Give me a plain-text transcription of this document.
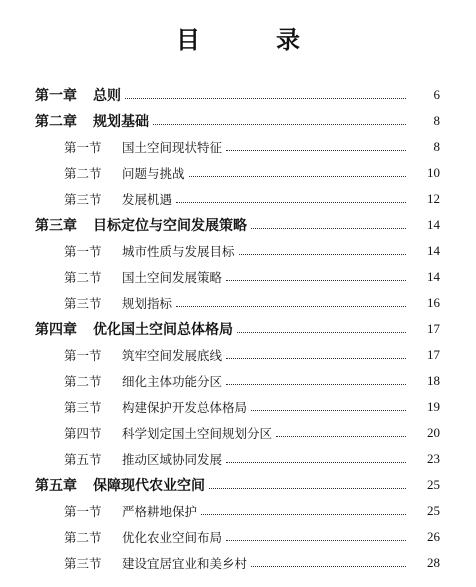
目　录
第一章	总则	6
第二章	规划基础	8
第一节	国土空间现状特征	8
第二节	问题与挑战	10
第三节	发展机遇	12
第三章	目标定位与空间发展策略	14
第一节	城市性质与发展目标	14
第二节	国土空间发展策略	14
第三节	规划指标	16
第四章	优化国土空间总体格局	17
第一节	筑牢空间发展底线	17
第二节	细化主体功能分区	18
第三节	构建保护开发总体格局	19
第四节	科学划定国土空间规划分区	20
第五节	推动区域协同发展	23
第五章	保障现代农业空间	25
第一节	严格耕地保护	25
第二节	优化农业空间布局	26
第三节	建设宜居宜业和美乡村	28
